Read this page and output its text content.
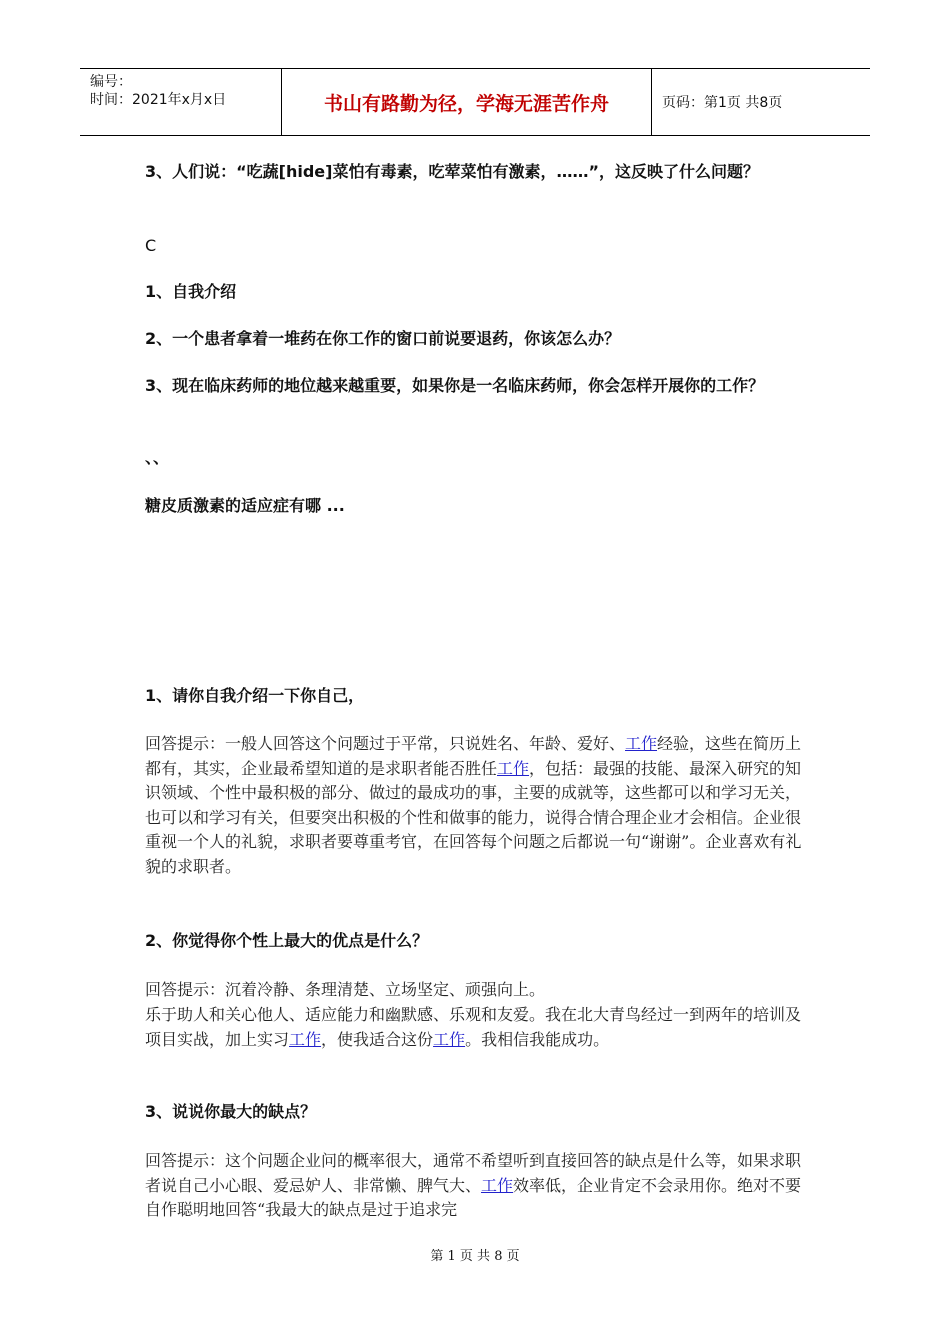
编号：
时间：2021年x月x日	书山有路勤为径，学海无涯苦作舟	页码：第1页 共8页

3、人们说：“吃蔬[hide]菜怕有毒素，吃荤菜怕有激素，……”，这反映了什么问题？

C

1、自我介绍

2、一个患者拿着一堆药在你工作的窗口前说要退药，你该怎么办？

3、现在临床药师的地位越来越重要，如果你是一名临床药师，你会怎样开展你的工作？

、、

糖皮质激素的适应症有哪 ...

1、请你自我介绍一下你自己，

回答提示：一般人回答这个问题过于平常，只说姓名、年龄、爱好、工作经验，这些在简历上都有，其实，企业最希望知道的是求职者能否胜任工作，包括：最强的技能、最深入研究的知识领域、个性中最积极的部分、做过的最成功的事，主要的成就等，这些都可以和学习无关，也可以和学习有关，但要突出积极的个性和做事的能力，说得合情合理企业才会相信。企业很重视一个人的礼貌，求职者要尊重考官，在回答每个问题之后都说一句“谢谢”。企业喜欢有礼貌的求职者。

2、你觉得你个性上最大的优点是什么？

回答提示：沉着冷静、条理清楚、立场坚定、顽强向上。

乐于助人和关心他人、适应能力和幽默感、乐观和友爱。我在北大青鸟经过一到两年的培训及项目实战，加上实习工作，使我适合这份工作。我相信我能成功。

3、说说你最大的缺点？

回答提示：这个问题企业问的概率很大，通常不希望听到直接回答的缺点是什么等，如果求职者说自己小心眼、爱忌妒人、非常懒、脾气大、工作效率低，企业肯定不会录用你。绝对不要自作聪明地回答“我最大的缺点是过于追求完

第 1 页 共 8 页
